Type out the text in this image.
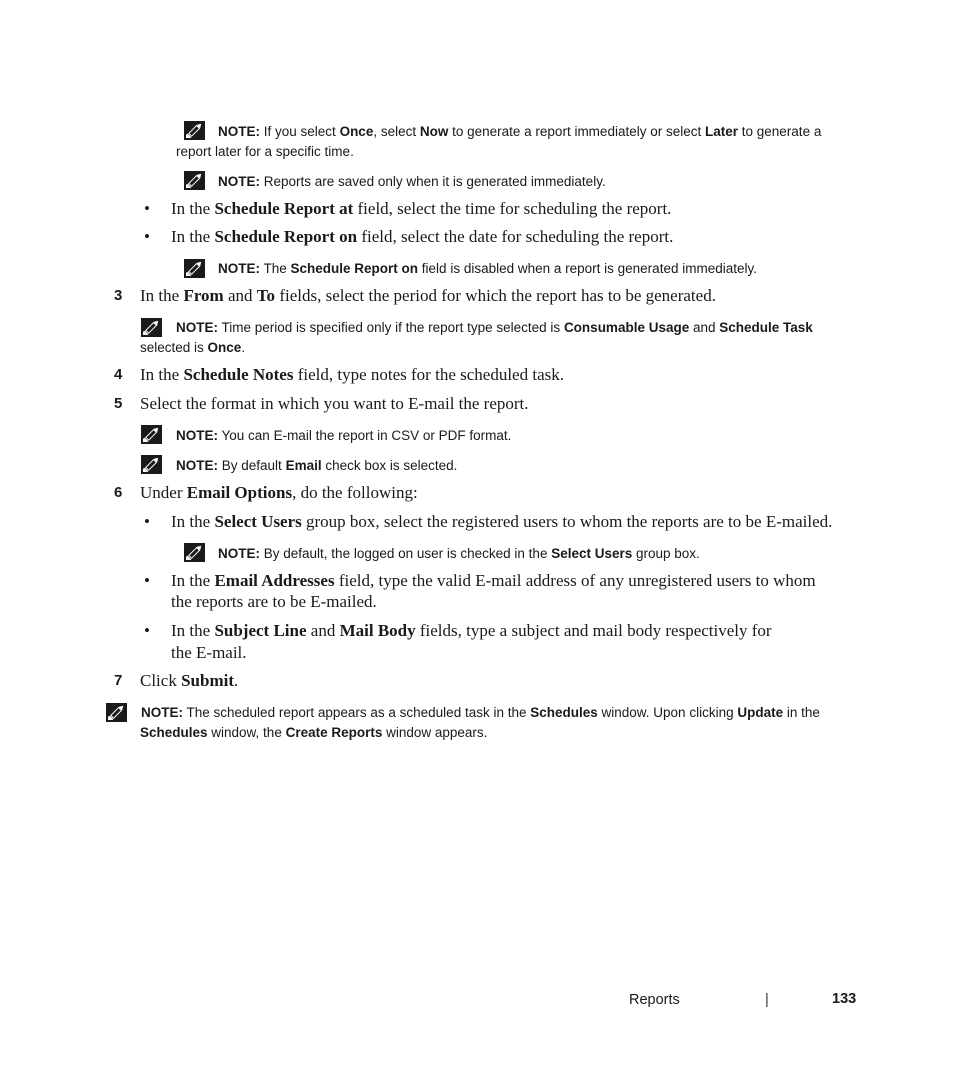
NOTE: If you select Once, select Now to generate a report immediately or select Later to generate a
report later for a specific time.
NOTE: Reports are saved only when it is generated immediately.
• In the Schedule Report at field, select the time for scheduling the report.
• In the Schedule Report on field, select the date for scheduling the report.
NOTE: The Schedule Report on field is disabled when a report is generated immediately.
3 In the From and To fields, select the period for which the report has to be generated.
NOTE: Time period is specified only if the report type selected is Consumable Usage and Schedule Task
selected is Once.
4 In the Schedule Notes field, type notes for the scheduled task.
5 Select the format in which you want to E-mail the report.
NOTE: You can E-mail the report in CSV or PDF format.
NOTE: By default Email check box is selected.
6 Under Email Options, do the following:
• In the Select Users group box, select the registered users to whom the reports are to be E-mailed.
NOTE: By default, the logged on user is checked in the Select Users group box.
• In the Email Addresses field, type the valid E-mail address of any unregistered users to whom
the reports are to be E-mailed.
• In the Subject Line and Mail Body fields, type a subject and mail body respectively for
the E-mail.
7 Click Submit.
NOTE: The scheduled report appears as a scheduled task in the Schedules window. Upon clicking Update in the
Schedules window, the Create Reports window appears.
Reports	|	133
